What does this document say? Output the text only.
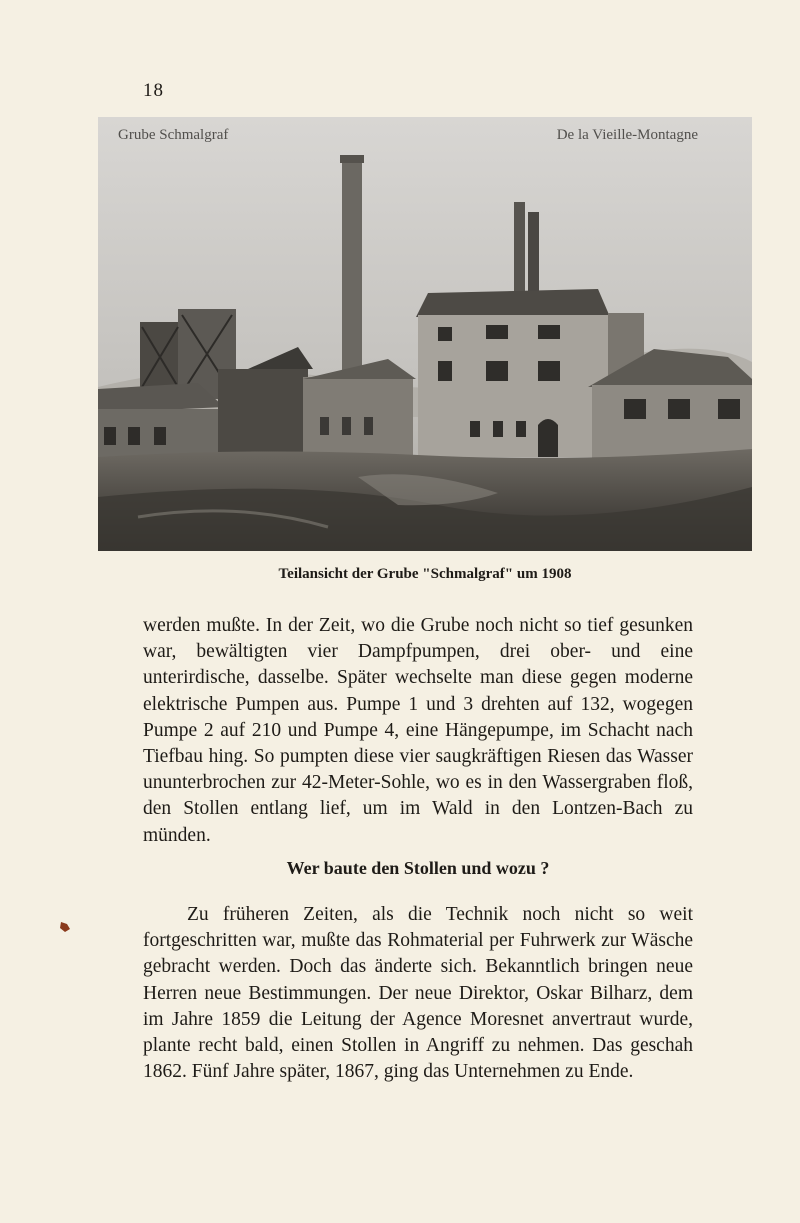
18
Grube Schmalgraf	De la Vieille-Montagne
Teilansicht der Grube "Schmalgraf" um 1908

werden mußte. In der Zeit, wo die Grube noch nicht so tief gesunken war, bewältigten vier Dampfpumpen, drei ober- und eine unterirdische, dasselbe. Später wechselte man diese gegen moderne elektrische Pumpen aus. Pumpe 1 und 3 drehten auf 132, wogegen Pumpe 2 auf 210 und Pumpe 4, eine Hängepumpe, im Schacht nach Tiefbau hing. So pumpten diese vier saugkräftigen Riesen das Wasser ununterbrochen zur 42-Meter-Sohle, wo es in den Wassergraben floß, den Stollen entlang lief, um im Wald in den Lontzen-Bach zu münden.

Wer baute den Stollen und wozu ?

Zu früheren Zeiten, als die Technik noch nicht so weit fortgeschritten war, mußte das Rohmaterial per Fuhrwerk zur Wäsche gebracht werden. Doch das änderte sich. Bekanntlich bringen neue Herren neue Bestimmungen. Der neue Direktor, Oskar Bilharz, dem im Jahre 1859 die Leitung der Agence Moresnet anvertraut wurde, plante recht bald, einen Stollen in Angriff zu nehmen. Das geschah 1862. Fünf Jahre später, 1867, ging das Unternehmen zu Ende.
